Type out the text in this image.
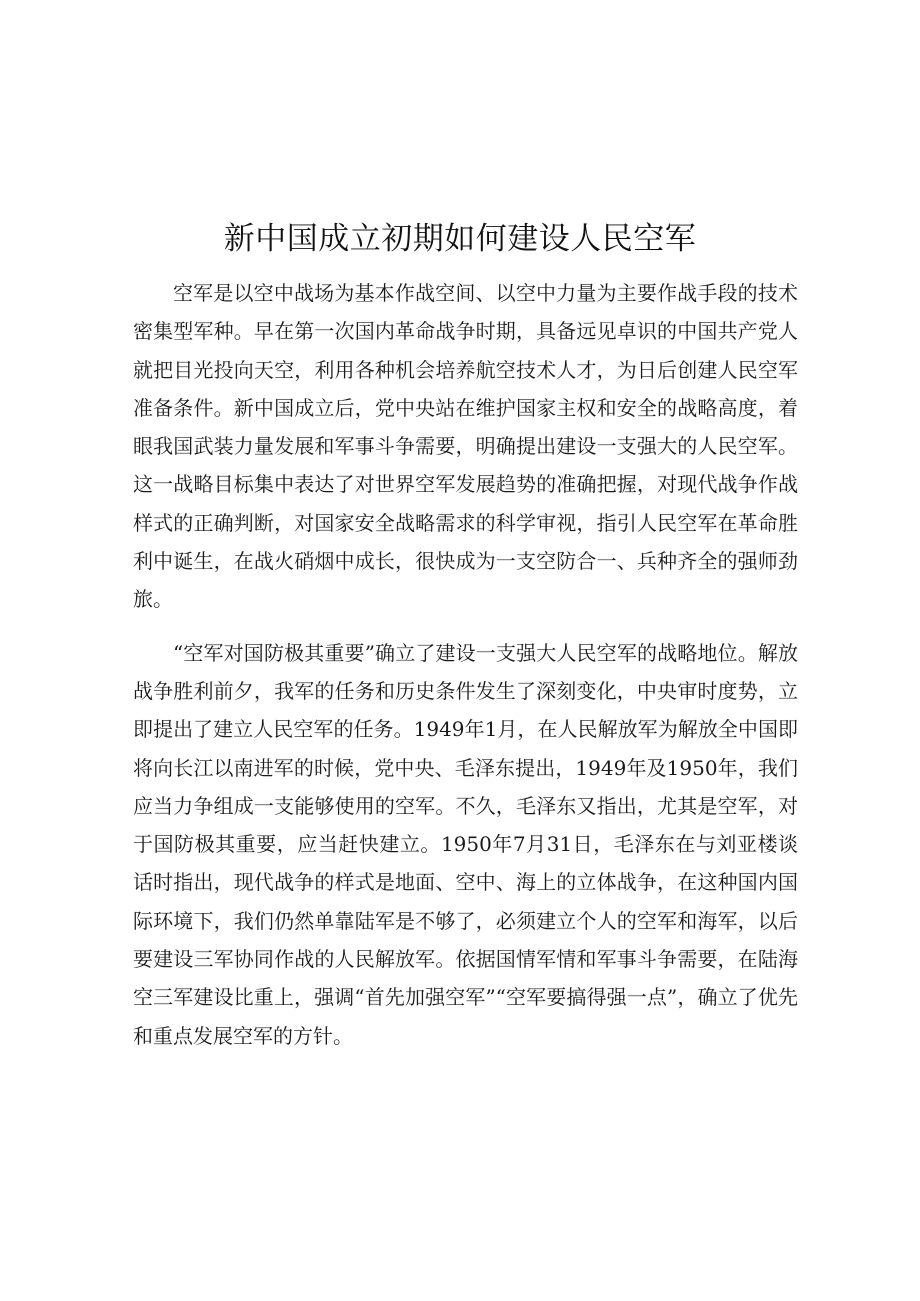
新中国成立初期如何建设人民空军

空军是以空中战场为基本作战空间、以空中力量为主要作战手段的技术密集型军种。早在第一次国内革命战争时期，具备远见卓识的中国共产党人就把目光投向天空，利用各种机会培养航空技术人才，为日后创建人民空军准备条件。新中国成立后，党中央站在维护国家主权和安全的战略高度，着眼我国武装力量发展和军事斗争需要，明确提出建设一支强大的人民空军。这一战略目标集中表达了对世界空军发展趋势的准确把握，对现代战争作战样式的正确判断，对国家安全战略需求的科学审视，指引人民空军在革命胜利中诞生，在战火硝烟中成长，很快成为一支空防合一、兵种齐全的强师劲旅。

“空军对国防极其重要”确立了建设一支强大人民空军的战略地位。解放战争胜利前夕，我军的任务和历史条件发生了深刻变化，中央审时度势，立即提出了建立人民空军的任务。1949年1月，在人民解放军为解放全中国即将向长江以南进军的时候，党中央、毛泽东提出，1949年及1950年，我们应当力争组成一支能够使用的空军。不久，毛泽东又指出，尤其是空军，对于国防极其重要，应当赶快建立。1950年7月31日，毛泽东在与刘亚楼谈话时指出，现代战争的样式是地面、空中、海上的立体战争，在这种国内国际环境下，我们仍然单靠陆军是不够了，必须建立个人的空军和海军，以后要建设三军协同作战的人民解放军。依据国情军情和军事斗争需要，在陆海空三军建设比重上，强调“首先加强空军”“空军要搞得强一点”，确立了优先和重点发展空军的方针。
